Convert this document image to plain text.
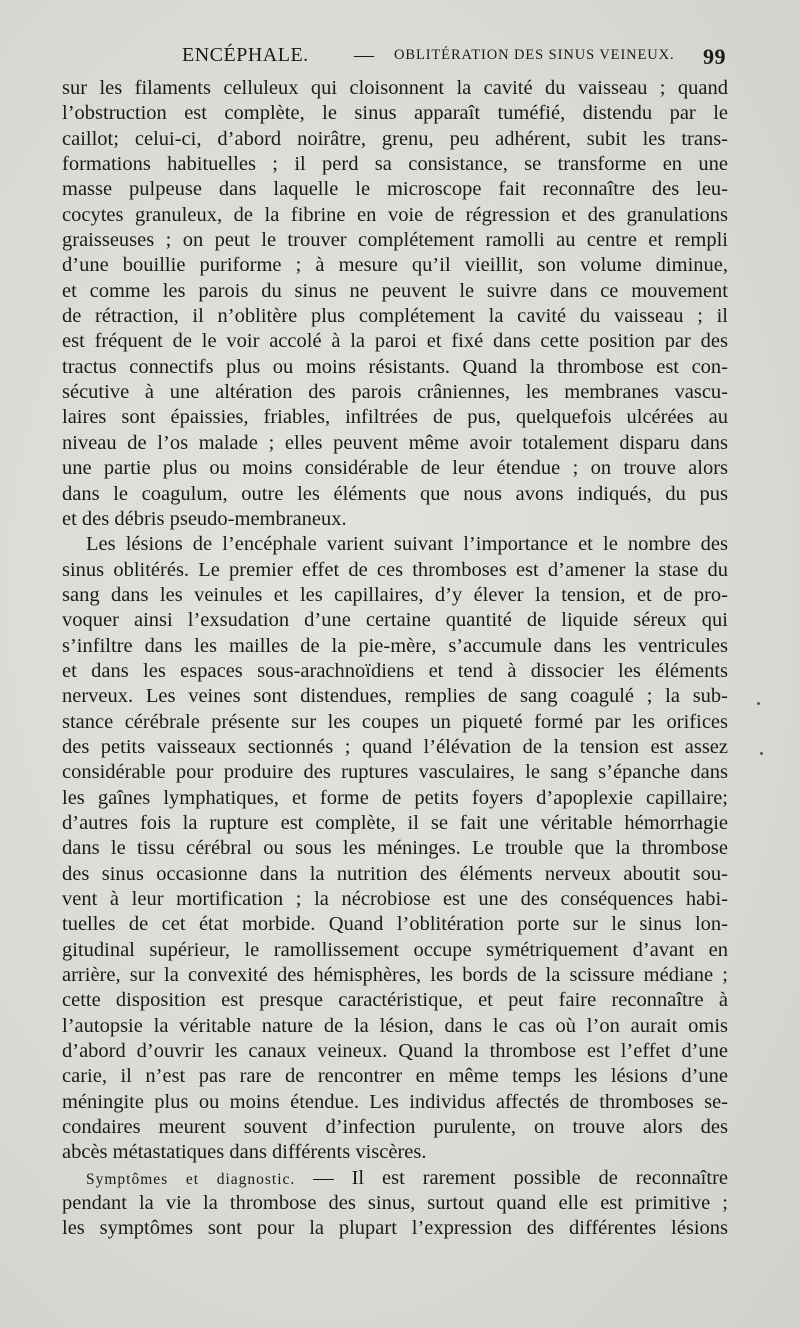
ENCÉPHALE. — OBLITÉRATION DES SINUS VEINEUX. 99
sur les filaments celluleux qui cloisonnent la cavité du vaisseau ; quand
l’obstruction est complète, le sinus apparaît tuméfié, distendu par le
caillot; celui-ci, d’abord noirâtre, grenu, peu adhérent, subit les trans-
formations habituelles ; il perd sa consistance, se transforme en une
masse pulpeuse dans laquelle le microscope fait reconnaître des leu-
cocytes granuleux, de la fibrine en voie de régression et des granulations
graisseuses ; on peut le trouver complétement ramolli au centre et rempli
d’une bouillie puriforme ; à mesure qu’il vieillit, son volume diminue,
et comme les parois du sinus ne peuvent le suivre dans ce mouvement
de rétraction, il n’oblitère plus complétement la cavité du vaisseau ; il
est fréquent de le voir accolé à la paroi et fixé dans cette position par des
tractus connectifs plus ou moins résistants. Quand la thrombose est con-
sécutive à une altération des parois crâniennes, les membranes vascu-
laires sont épaissies, friables, infiltrées de pus, quelquefois ulcérées au
niveau de l’os malade ; elles peuvent même avoir totalement disparu dans
une partie plus ou moins considérable de leur étendue ; on trouve alors
dans le coagulum, outre les éléments que nous avons indiqués, du pus
et des débris pseudo-membraneux.
Les lésions de l’encéphale varient suivant l’importance et le nombre des
sinus oblitérés. Le premier effet de ces thromboses est d’amener la stase du
sang dans les veinules et les capillaires, d’y élever la tension, et de pro-
voquer ainsi l’exsudation d’une certaine quantité de liquide séreux qui
s’infiltre dans les mailles de la pie-mère, s’accumule dans les ventricules
et dans les espaces sous-arachnoïdiens et tend à dissocier les éléments
nerveux. Les veines sont distendues, remplies de sang coagulé ; la sub-
stance cérébrale présente sur les coupes un piqueté formé par les orifices
des petits vaisseaux sectionnés ; quand l’élévation de la tension est assez
considérable pour produire des ruptures vasculaires, le sang s’épanche dans
les gaînes lymphatiques, et forme de petits foyers d’apoplexie capillaire;
d’autres fois la rupture est complète, il se fait une véritable hémorrhagie
dans le tissu cérébral ou sous les méninges. Le trouble que la thrombose
des sinus occasionne dans la nutrition des éléments nerveux aboutit sou-
vent à leur mortification ; la nécrobiose est une des conséquences habi-
tuelles de cet état morbide. Quand l’oblitération porte sur le sinus lon-
gitudinal supérieur, le ramollissement occupe symétriquement d’avant en
arrière, sur la convexité des hémisphères, les bords de la scissure médiane ;
cette disposition est presque caractéristique, et peut faire reconnaître à
l’autopsie la véritable nature de la lésion, dans le cas où l’on aurait omis
d’abord d’ouvrir les canaux veineux. Quand la thrombose est l’effet d’une
carie, il n’est pas rare de rencontrer en même temps les lésions d’une
méningite plus ou moins étendue. Les individus affectés de thromboses se-
condaires meurent souvent d’infection purulente, on trouve alors des
abcès métastatiques dans différents viscères.
Symptômes et diagnostic. — Il est rarement possible de reconnaître
pendant la vie la thrombose des sinus, surtout quand elle est primitive ;
les symptômes sont pour la plupart l’expression des différentes lésions
